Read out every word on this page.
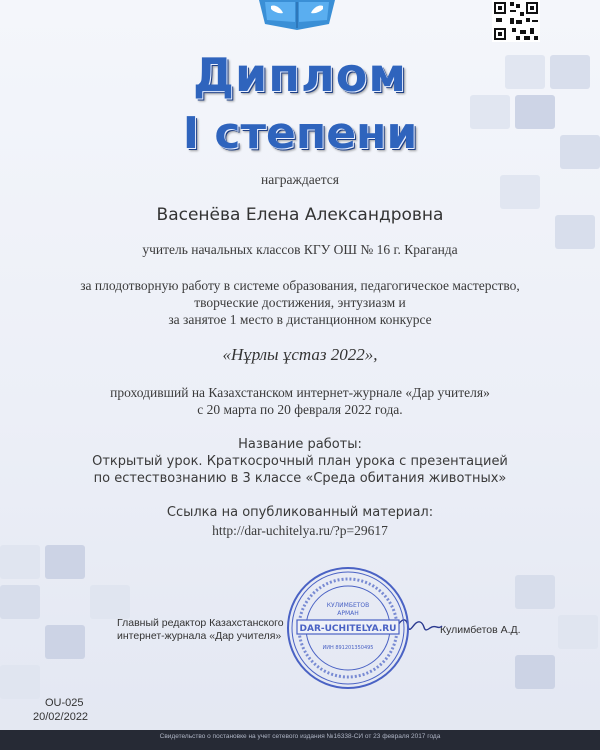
Диплом
I степени
награждается
Васенёва Елена Александровна
учитель начальных классов КГУ ОШ № 16 г. Краганда
за плодотворную работу в системе образования, педагогическое мастерство,
творческие достижения, энтузиазм и
за занятое 1 место в дистанционном конкурсе
«Нұрлы ұстаз 2022»,
проходивший на Казахстанском интернет-журнале «Дар учителя»
с 20 марта по 20 февраля 2022 года.
Название работы:
Открытый урок. Краткосрочный план урока с презентацией
по естествознанию в 3 классе «Среда обитания животных»
Ссылка на опубликованный материал:
http://dar-uchitelya.ru/?p=29617
Главный редактор Казахстанского
интернет-журнала «Дар учителя»	Кулимбетов А.Д.
OU-025
20/02/2022
КУЛИМБЕТОВ
АРМАН
DAR-UCHITELYA.RU
ИИН 891201350495
Свидетельство о постановке на учет сетевого издания №16338-СИ от 23 февраля 2017 года
